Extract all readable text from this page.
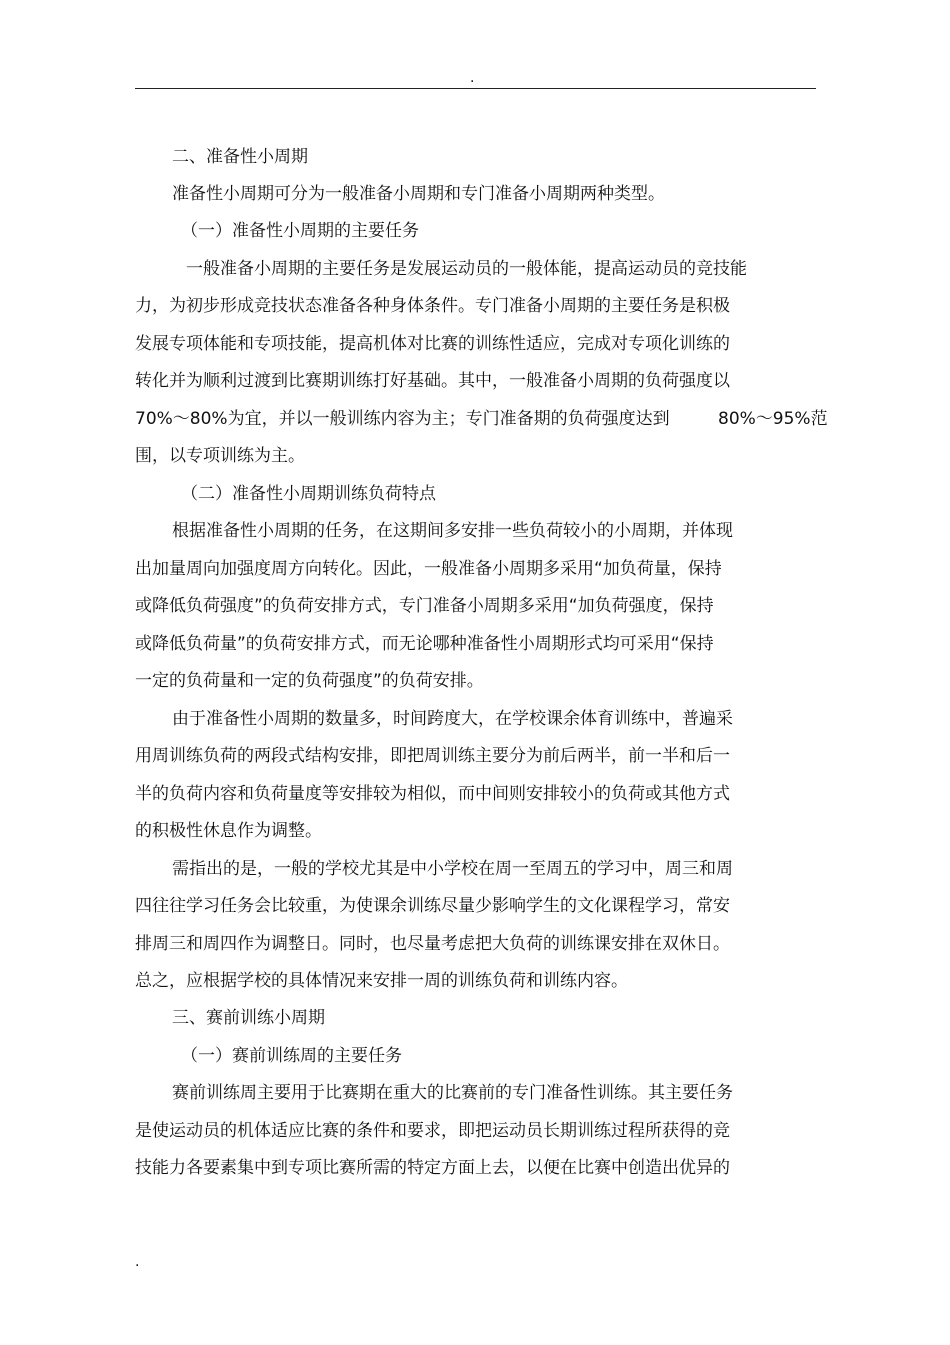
.
二、准备性小周期
准备性小周期可分为一般准备小周期和专门准备小周期两种类型。
（一）准备性小周期的主要任务
一般准备小周期的主要任务是发展运动员的一般体能，提高运动员的竞技能
力，为初步形成竞技状态准备各种身体条件。专门准备小周期的主要任务是积极
发展专项体能和专项技能，提高机体对比赛的训练性适应，完成对专项化训练的
转化并为顺利过渡到比赛期训练打好基础。其中，一般准备小周期的负荷强度以
70%～80%为宜，并以一般训练内容为主；专门准备期的负荷强度达到	80%～95%范
围，以专项训练为主。
（二）准备性小周期训练负荷特点
根据准备性小周期的任务，在这期间多安排一些负荷较小的小周期，并体现
出加量周向加强度周方向转化。因此，一般准备小周期多采用“加负荷量，保持
或降低负荷强度”的负荷安排方式，专门准备小周期多采用“加负荷强度，保持
或降低负荷量”的负荷安排方式，而无论哪种准备性小周期形式均可采用“保持
一定的负荷量和一定的负荷强度”的负荷安排。
由于准备性小周期的数量多，时间跨度大，在学校课余体育训练中，普遍采
用周训练负荷的两段式结构安排，即把周训练主要分为前后两半，前一半和后一
半的负荷内容和负荷量度等安排较为相似，而中间则安排较小的负荷或其他方式
的积极性休息作为调整。
需指出的是，一般的学校尤其是中小学校在周一至周五的学习中，周三和周
四往往学习任务会比较重，为使课余训练尽量少影响学生的文化课程学习，常安
排周三和周四作为调整日。同时，也尽量考虑把大负荷的训练课安排在双休日。
总之，应根据学校的具体情况来安排一周的训练负荷和训练内容。
三、赛前训练小周期
（一）赛前训练周的主要任务
赛前训练周主要用于比赛期在重大的比赛前的专门准备性训练。其主要任务
是使运动员的机体适应比赛的条件和要求，即把运动员长期训练过程所获得的竞
技能力各要素集中到专项比赛所需的特定方面上去，以便在比赛中创造出优异的
.
